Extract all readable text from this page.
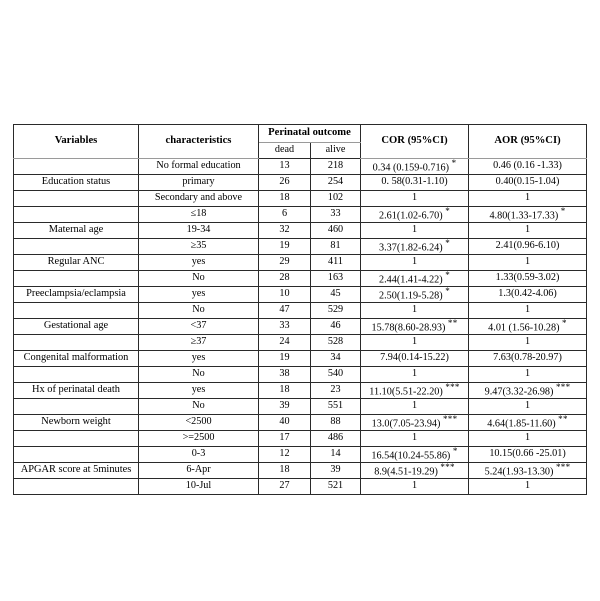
Variables	characteristics	Perinatal outcome		COR (95%CI)	AOR (95%CI)
		dead	alive		
	No formal education	13	218	0.34 (0.159-0.716) *	0.46 (0.16 -1.33)
Education status	primary	26	254	0. 58(0.31-1.10)	0.40(0.15-1.04)
	Secondary and above	18	102	1	1
	≤18	6	33	2.61(1.02-6.70) *	4.80(1.33-17.33) *
Maternal age	19-34	32	460	1	1
	≥35	19	81	3.37(1.82-6.24) *	2.41(0.96-6.10)
Regular ANC	yes	29	411	1	1
	No	28	163	2.44(1.41-4.22) *	1.33(0.59-3.02)
Preeclampsia/eclampsia	yes	10	45	2.50(1.19-5.28) *	1.3(0.42-4.06)
	No	47	529	1	1
Gestational age	<37	33	46	15.78(8.60-28.93) **	4.01 (1.56-10.28) *
	≥37	24	528	1	1
Congenital malformation	yes	19	34	7.94(0.14-15.22)	7.63(0.78-20.97)
	No	38	540	1	1
Hx of perinatal death	yes	18	23	11.10(5.51-22.20) ***	9.47(3.32-26.98) ***
	No	39	551	1	1
Newborn weight	<2500	40	88	13.0(7.05-23.94) ***	4.64(1.85-11.60) **
	>=2500	17	486	1	1
	0-3	12	14	16.54(10.24-55.86) *	10.15(0.66 -25.01)
APGAR score at 5minutes	6-Apr	18	39	8.9(4.51-19.29) ***	5.24(1.93-13.30) ***
	10-Jul	27	521	1	1
